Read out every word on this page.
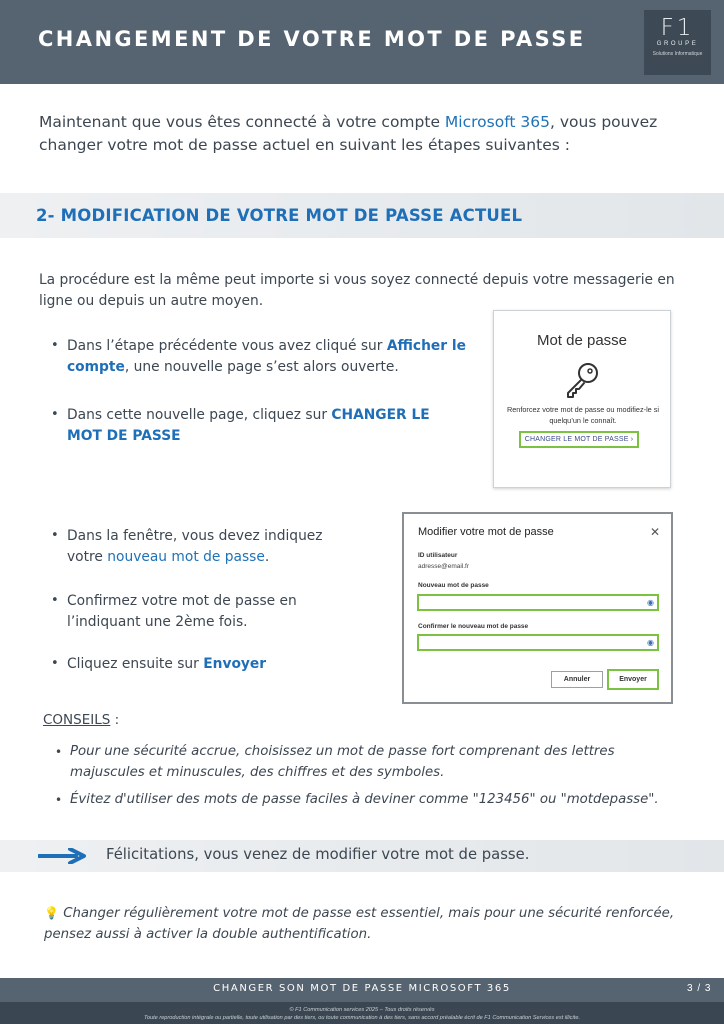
CHANGEMENT DE VOTRE MOT DE PASSE	F1
GROUPE
Solutions Informatique
Maintenant que vous êtes connecté à votre compte Microsoft 365, vous pouvez changer votre mot de passe actuel en suivant les étapes suivantes :
2- MODIFICATION DE VOTRE MOT DE PASSE ACTUEL
La procédure est la même peut importe si vous soyez connecté depuis votre messagerie en ligne ou depuis un autre moyen.
• Dans l’étape précédente vous avez cliqué sur Afficher le compte, une nouvelle page s’est alors ouverte.
• Dans cette nouvelle page, cliquez sur CHANGER LE MOT DE PASSE
• Dans la fenêtre, vous devez indiquez votre nouveau mot de passe.
• Confirmez votre mot de passe en l’indiquant une 2ème fois.
• Cliquez ensuite sur Envoyer
Mot de passe
Renforcez votre mot de passe ou modifiez-le si quelqu’un le connaît.
CHANGER LE MOT DE PASSE ›
Modifier votre mot de passe	✕
ID utilisateur
adresse@email.fr
Nouveau mot de passe
◉
Confirmer le nouveau mot de passe
◉
Annuler	Envoyer
CONSEILS :
• Pour une sécurité accrue, choisissez un mot de passe fort comprenant des lettres majuscules et minuscules, des chiffres et des symboles.
• Évitez d'utiliser des mots de passe faciles à deviner comme "123456" ou "motdepasse".
Félicitations, vous venez de modifier votre mot de passe.
💡 Changer régulièrement votre mot de passe est essentiel, mais pour une sécurité renforcée, pensez aussi à activer la double authentification.
CHANGER SON MOT DE PASSE MICROSOFT 365	3 / 3
© F1 Communication services 2025 – Tous droits réservés
Toute reproduction intégrale ou partielle, toute utilisation par des tiers, ou toute communication à des tiers, sans accord préalable écrit de F1 Communication Services est illicite.
